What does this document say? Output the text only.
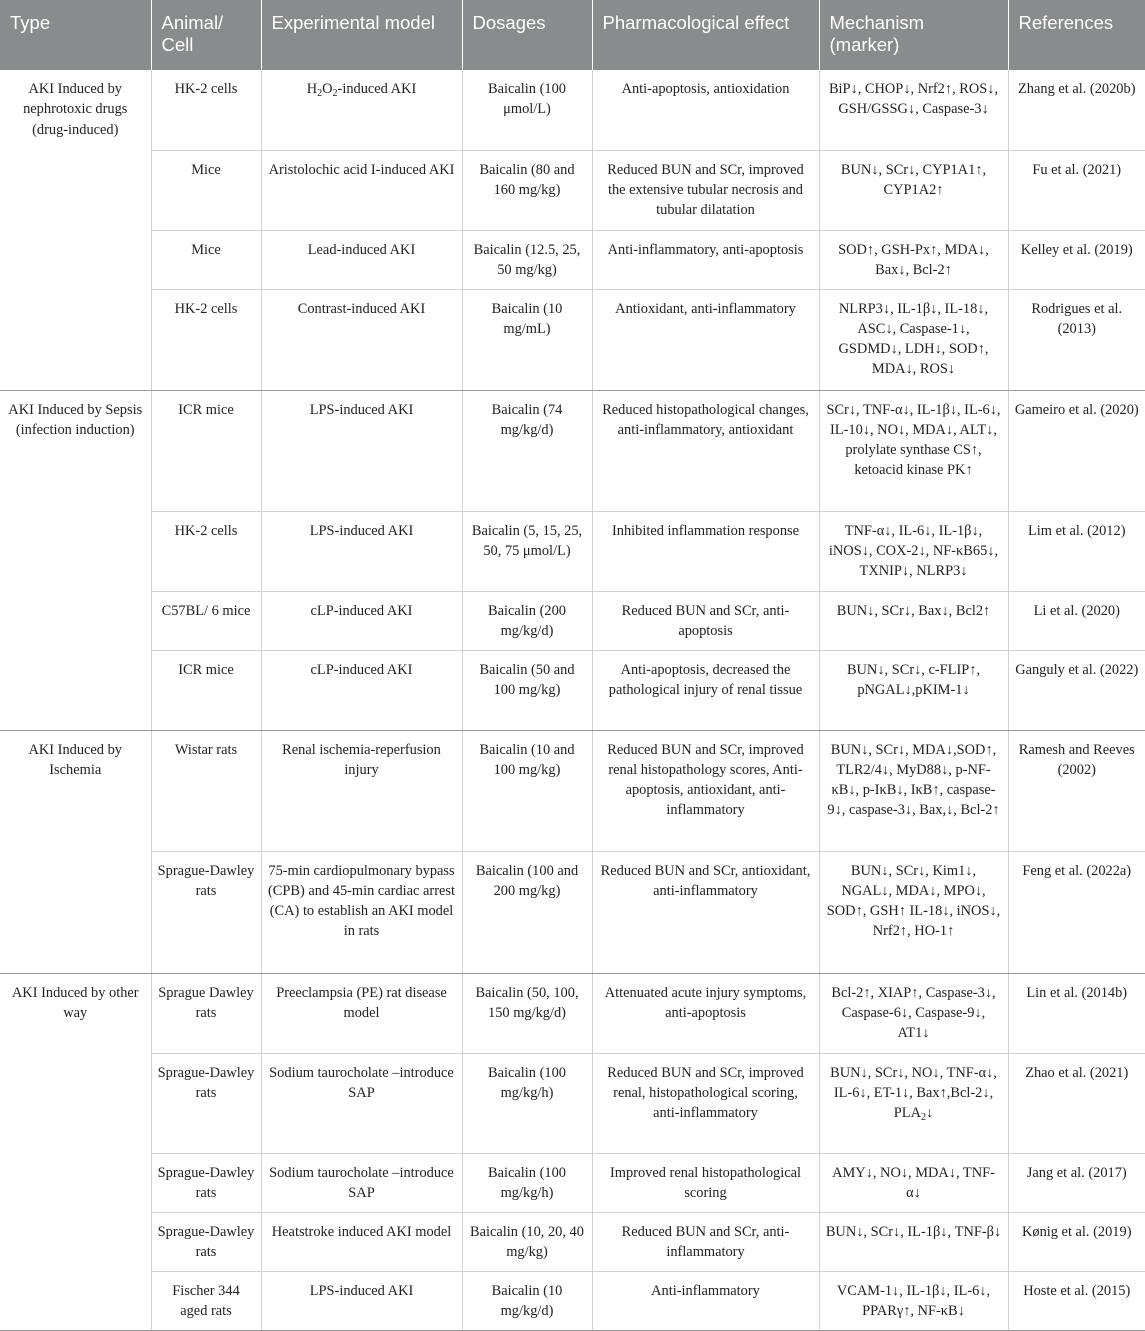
Type	Animal/ Cell	Experimental model	Dosages	Pharmacological effect	Mechanism (marker)	References
AKI Induced by nephrotoxic drugs (drug-induced)	HK-2 cells	$H_2O_2$-induced AKI	Baicalin (100 μmol/L)	Anti-apoptosis, antioxidation	BiP↓, CHOP↓, Nrf2↑, ROS↓, GSH/GSSG↓, Caspase-3↓	Zhang et al. (2020b)
	Mice	Aristolochic acid I-induced AKI	Baicalin (80 and 160 mg/kg)	Reduced BUN and SCr, improved the extensive tubular necrosis and tubular dilatation	BUN↓, SCr↓, CYP1A1↑, CYP1A2↑	Fu et al. (2021)
	Mice	Lead-induced AKI	Baicalin (12.5, 25, 50 mg/kg)	Anti-inflammatory, anti-apoptosis	SOD↑, GSH-Px↑, MDA↓, Bax↓, Bcl-2↑	Kelley et al. (2019)
	HK-2 cells	Contrast-induced AKI	Baicalin (10 mg/mL)	Antioxidant, anti-inflammatory	NLRP3↓, IL-1β↓, IL-18↓, ASC↓, Caspase-1↓, GSDMD↓, LDH↓, SOD↑, MDA↓, ROS↓	Rodrigues et al. (2013)
AKI Induced by Sepsis (infection induction)	ICR mice	LPS-induced AKI	Baicalin (74 mg/kg/d)	Reduced histopathological changes, anti-inflammatory, antioxidant	SCr↓, TNF-α↓, IL-1β↓, IL-6↓, IL-10↓, NO↓, MDA↓, ALT↓, prolylate synthase CS↑, ketoacid kinase PK↑	Gameiro et al. (2020)
	HK-2 cells	LPS-induced AKI	Baicalin (5, 15, 25, 50, 75 μmol/L)	Inhibited inflammation response	TNF-α↓, IL-6↓, IL-1β↓, iNOS↓, COX-2↓, NF-κB65↓, TXNIP↓, NLRP3↓	Lim et al. (2012)
	C57BL/ 6 mice	cLP-induced AKI	Baicalin (200 mg/kg/d)	Reduced BUN and SCr, anti-apoptosis	BUN↓, SCr↓, Bax↓, Bcl2↑	Li et al. (2020)
	ICR mice	cLP-induced AKI	Baicalin (50 and 100 mg/kg)	Anti-apoptosis, decreased the pathological injury of renal tissue	BUN↓, SCr↓, c-FLIP↑, pNGAL↓,pKIM-1↓	Ganguly et al. (2022)
AKI Induced by Ischemia	Wistar rats	Renal ischemia-reperfusion injury	Baicalin (10 and 100 mg/kg)	Reduced BUN and SCr, improved renal histopathology scores, Anti-apoptosis, antioxidant, anti-inflammatory	BUN↓, SCr↓, MDA↓,SOD↑, TLR2/4↓, MyD88↓, p-NF-κB↓, p-IκB↓, IκB↑, caspase-9↓, caspase-3↓, Bax,↓, Bcl-2↑	Ramesh and Reeves (2002)
	Sprague-Dawley rats	75-min cardiopulmonary bypass (CPB) and 45-min cardiac arrest (CA) to establish an AKI model in rats	Baicalin (100 and 200 mg/kg)	Reduced BUN and SCr, antioxidant, anti-inflammatory	BUN↓, SCr↓, Kim1↓, NGAL↓, MDA↓, MPO↓, SOD↑, GSH↑ IL-18↓, iNOS↓, Nrf2↑, HO-1↑	Feng et al. (2022a)
AKI Induced by other way	Sprague Dawley rats	Preeclampsia (PE) rat disease model	Baicalin (50, 100, 150 mg/kg/d)	Attenuated acute injury symptoms, anti-apoptosis	Bcl-2↑, XIAP↑, Caspase-3↓, Caspase-6↓, Caspase-9↓, AT1↓	Lin et al. (2014b)
	Sprague-Dawley rats	Sodium taurocholate –introduce SAP	Baicalin (100 mg/kg/h)	Reduced BUN and SCr, improved renal, histopathological scoring, anti-inflammatory	BUN↓, SCr↓, NO↓, TNF-α↓, IL-6↓, ET-1↓, Bax↑,Bcl-2↓, $PLA_2↓$	Zhao et al. (2021)
	Sprague-Dawley rats	Sodium taurocholate –introduce SAP	Baicalin (100 mg/kg/h)	Improved renal histopathological scoring	AMY↓, NO↓, MDA↓, TNF-α↓	Jang et al. (2017)
	Sprague-Dawley rats	Heatstroke induced AKI model	Baicalin (10, 20, 40 mg/kg)	Reduced BUN and SCr, anti-inflammatory	BUN↓, SCr↓, IL-1β↓, TNF-β↓	Kønig et al. (2019)
	Fischer 344 aged rats	LPS-induced AKI	Baicalin (10 mg/kg/d)	Anti-inflammatory	VCAM-1↓, IL-1β↓, IL-6↓, PPARγ↑, NF-κB↓	Hoste et al. (2015)
